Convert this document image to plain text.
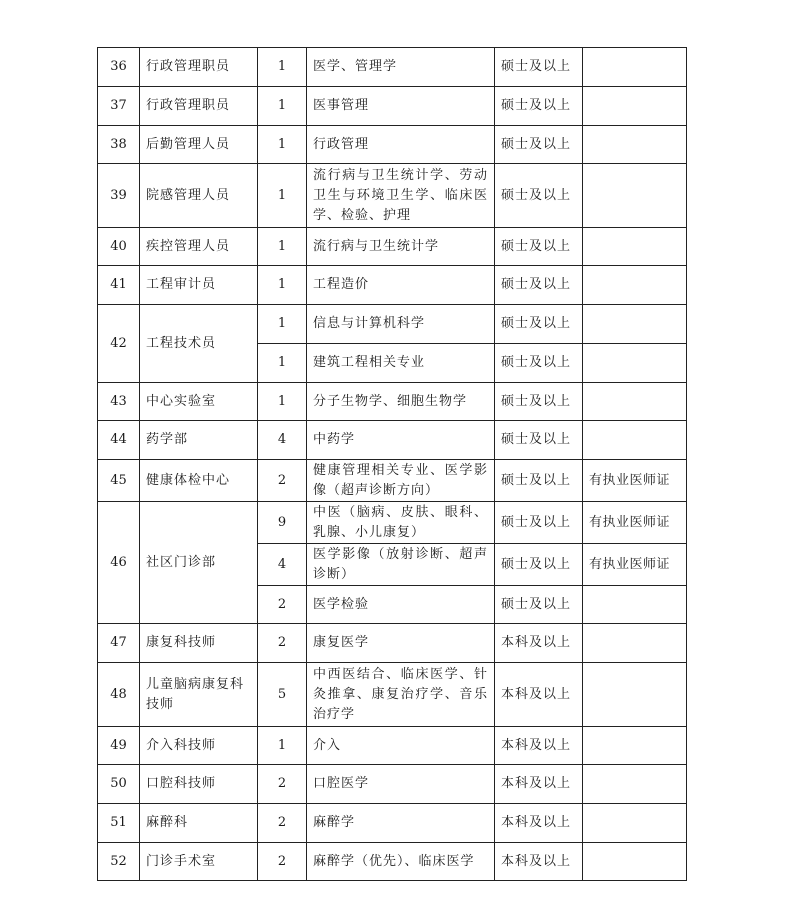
36	行政管理职员	1	医学、管理学	硕士及以上	
37	行政管理职员	1	医事管理	硕士及以上	
38	后勤管理人员	1	行政管理	硕士及以上	
39	院感管理人员	1	流行病与卫生统计学、劳动卫生与环境卫生学、临床医学、检验、护理	硕士及以上	
40	疾控管理人员	1	流行病与卫生统计学	硕士及以上	
41	工程审计员	1	工程造价	硕士及以上	
42	工程技术员	1	信息与计算机科学	硕士及以上	
		1	建筑工程相关专业	硕士及以上	
43	中心实验室	1	分子生物学、细胞生物学	硕士及以上	
44	药学部	4	中药学	硕士及以上	
45	健康体检中心	2	健康管理相关专业、医学影像（超声诊断方向）	硕士及以上	有执业医师证
46	社区门诊部	9	中医（脑病、皮肤、眼科、乳腺、小儿康复）	硕士及以上	有执业医师证
		4	医学影像（放射诊断、超声诊断）	硕士及以上	有执业医师证
		2	医学检验	硕士及以上	
47	康复科技师	2	康复医学	本科及以上	
48	儿童脑病康复科技师	5	中西医结合、临床医学、针灸推拿、康复治疗学、音乐治疗学	本科及以上	
49	介入科技师	1	介入	本科及以上	
50	口腔科技师	2	口腔医学	本科及以上	
51	麻醉科	2	麻醉学	本科及以上	
52	门诊手术室	2	麻醉学（优先）、临床医学	本科及以上	
